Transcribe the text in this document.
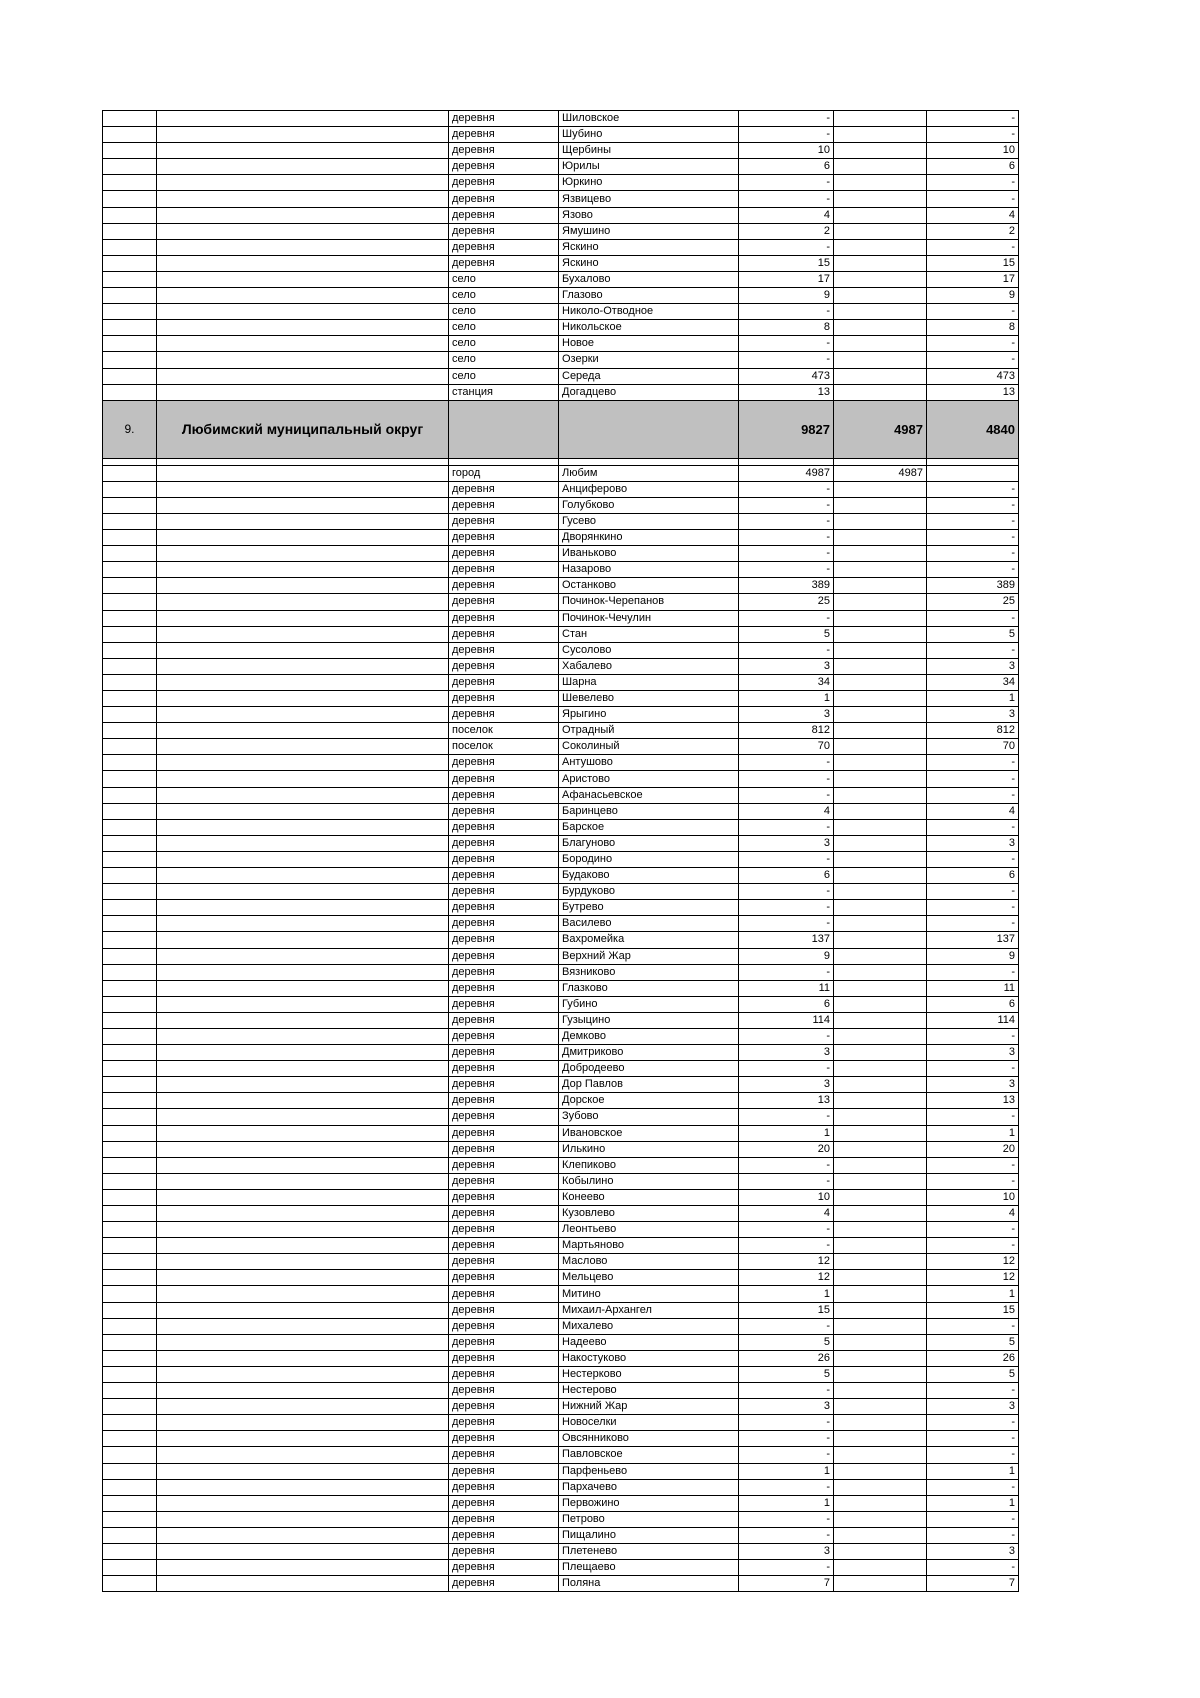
		деревня	Шиловское	-		-
		деревня	Шубино	-		-
		деревня	Щербины	10		10
		деревня	Юрилы	6		6
		деревня	Юркино	-		-
		деревня	Язвицево	-		-
		деревня	Язово	4		4
		деревня	Ямушино	2		2
		деревня	Яскино	-		-
		деревня	Яскино	15		15
		село	Бухалово	17		17
		село	Глазово	9		9
		село	Николо-Отводное	-		-
		село	Никольское	8		8
		село	Новое	-		-
		село	Озерки	-		-
		село	Середа	473		473
		станция	Догадцево	13		13
9.	Любимский муниципальный округ			9827	4987	4840

		город	Любим	4987	4987	
		деревня	Анциферово	-		-
		деревня	Голубково	-		-
		деревня	Гусево	-		-
		деревня	Дворянкино	-		-
		деревня	Иванькoво	-		-
		деревня	Назарово	-		-
		деревня	Останково	389		389
		деревня	Починок-Черепанов	25		25
		деревня	Починок-Чечулин	-		-
		деревня	Стан	5		5
		деревня	Сусолово	-		-
		деревня	Хабалево	3		3
		деревня	Шарна	34		34
		деревня	Шевелево	1		1
		деревня	Ярыгино	3		3
		поселок	Отрадный	812		812
		поселок	Соколиный	70		70
		деревня	Антушово	-		-
		деревня	Аристово	-		-
		деревня	Афанасьевское	-		-
		деревня	Баринцево	4		4
		деревня	Барское	-		-
		деревня	Благуново	3		3
		деревня	Бородино	-		-
		деревня	Будаково	6		6
		деревня	Бурдуково	-		-
		деревня	Бутрево	-		-
		деревня	Василево	-		-
		деревня	Вахромейка	137		137
		деревня	Верхний Жар	9		9
		деревня	Вязниково	-		-
		деревня	Глазково	11		11
		деревня	Губино	6		6
		деревня	Гузыцино	114		114
		деревня	Демково	-		-
		деревня	Дмитриково	3		3
		деревня	Добродеево	-		-
		деревня	Дор Павлов	3		3
		деревня	Дорское	13		13
		деревня	Зубово	-		-
		деревня	Ивановское	1		1
		деревня	Илькино	20		20
		деревня	Клепиково	-		-
		деревня	Кобылино	-		-
		деревня	Конеево	10		10
		деревня	Кузовлево	4		4
		деревня	Леонтьево	-		-
		деревня	Мартьяново	-		-
		деревня	Маслово	12		12
		деревня	Мельцево	12		12
		деревня	Митино	1		1
		деревня	Михаил-Архангел	15		15
		деревня	Михалево	-		-
		деревня	Надеево	5		5
		деревня	Накостуково	26		26
		деревня	Нестерково	5		5
		деревня	Нестерово	-		-
		деревня	Нижний Жар	3		3
		деревня	Новоселки	-		-
		деревня	Овсянниково	-		-
		деревня	Павловское	-		-
		деревня	Парфеньево	1		1
		деревня	Пархачево	-		-
		деревня	Первожино	1		1
		деревня	Петрово	-		-
		деревня	Пищалино	-		-
		деревня	Плетенево	3		3
		деревня	Плещаево	-		-
		деревня	Поляна	7		7
